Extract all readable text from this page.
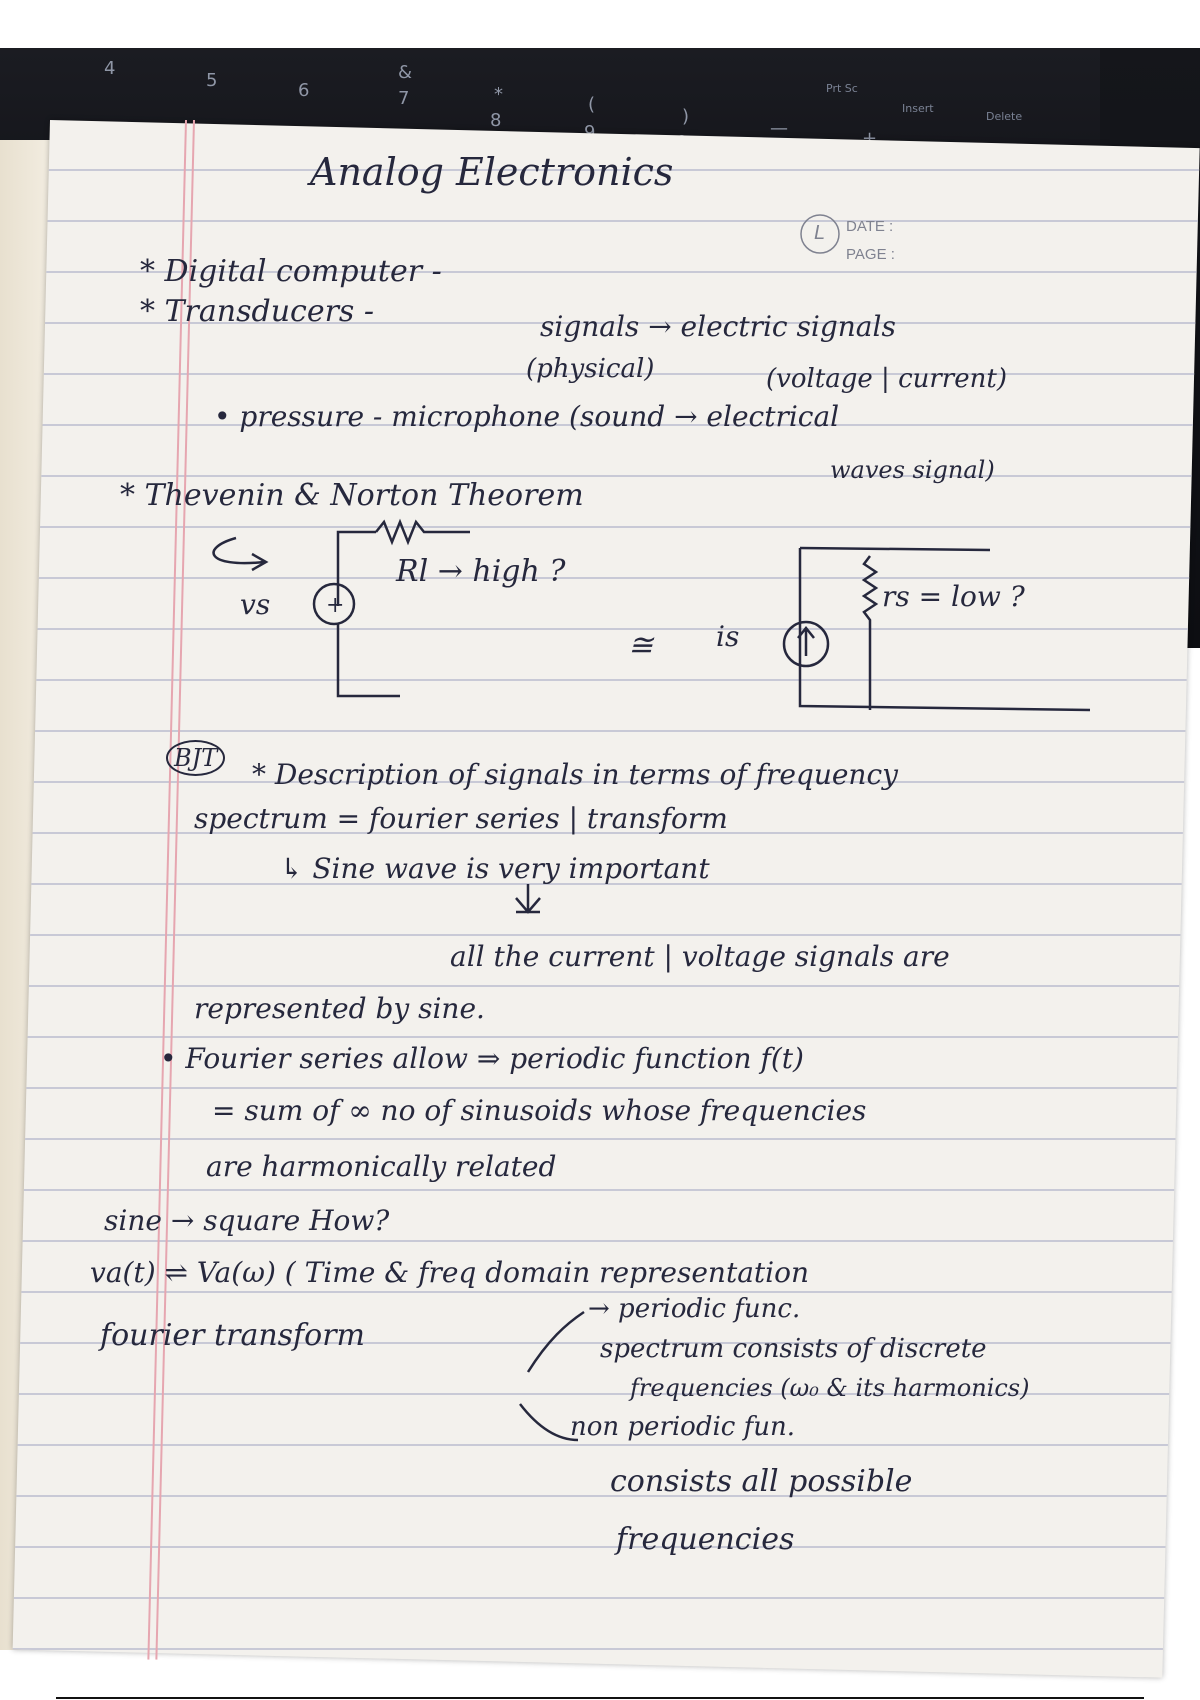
4
5	6
&
7	*
8
(
)
—	+
Prt Sc
Insert
Delete
L DATE :
PAGE :
Analog Electronics
* Digital computer -
* Transducers -	signals → electric signals
(physical)	(voltage | current)
• pressure - microphone (sound → electrical
waves signal)
* Thevenin & Norton Theorem
+
Rl → high ?
vs
≅ is
rs = low ?
BJT * Description of signals in terms of frequency
spectrum = fourier series | transform
↳ Sine wave is very important
all the current | voltage signals are
represented by sine.
• Fourier series allow ⇒ periodic function f(t)
= sum of ∞ no of sinusoids whose frequencies
are harmonically related
sine → square How?
va(t) ⇌ Va(ω) ( Time & freq domain representation
fourier transform
→ periodic func.
spectrum consists of discrete
frequencies (ω₀ & its harmonics)
non periodic fun.
consists all possible
frequencies
